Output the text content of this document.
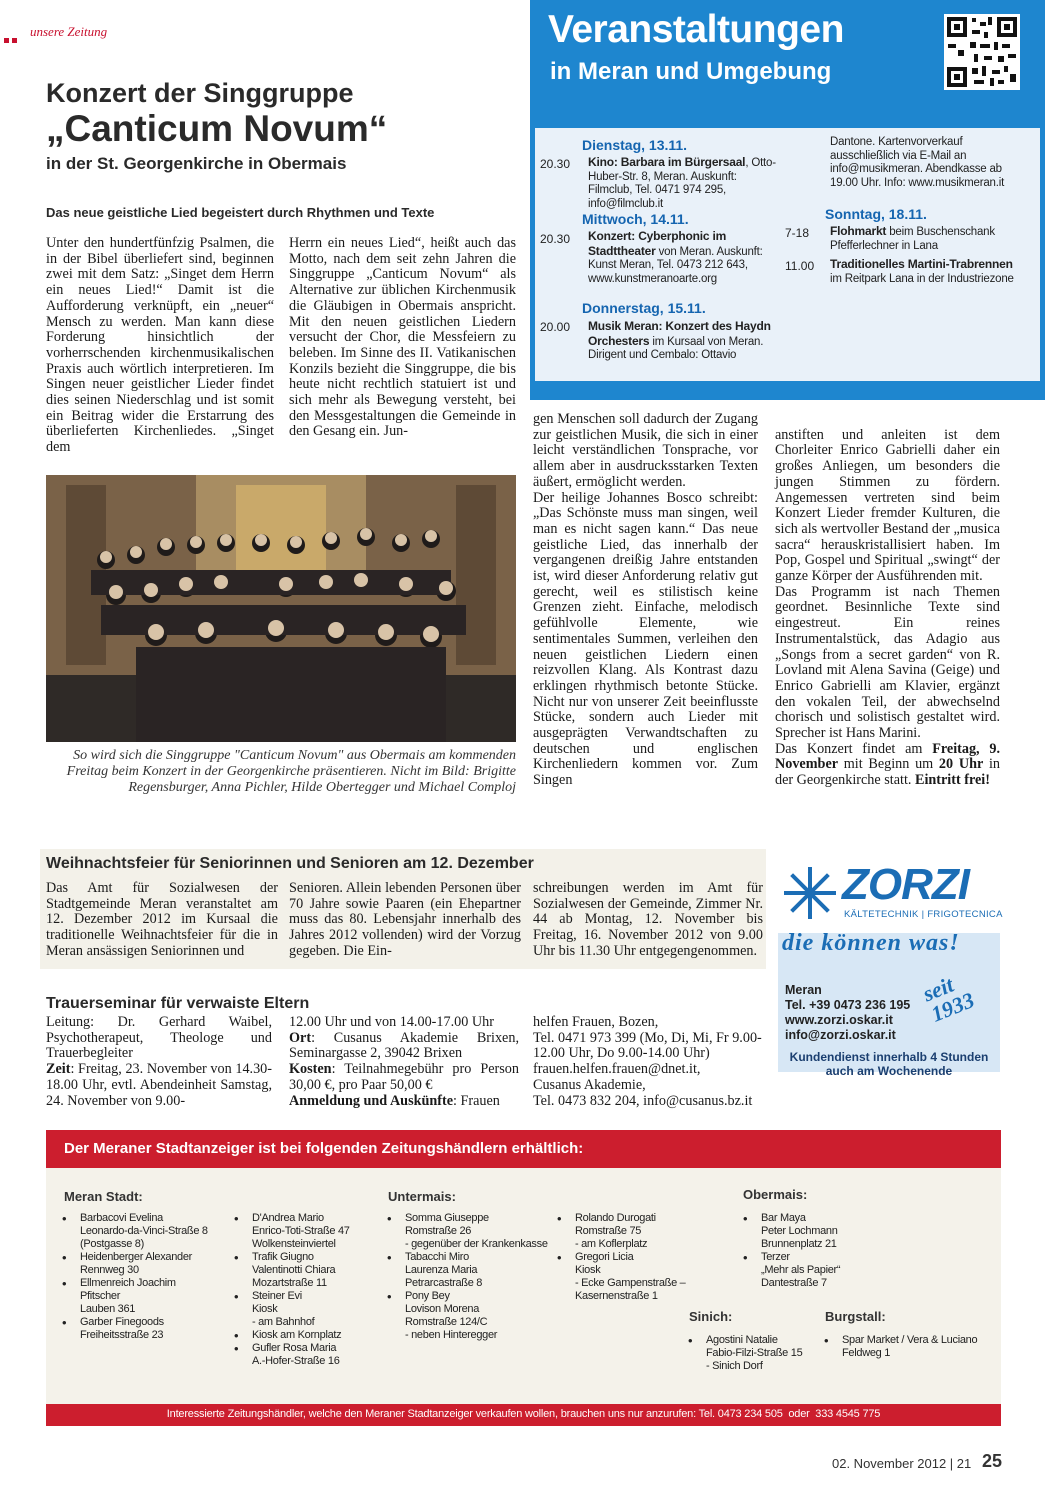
unsere Zeitung	Veranstaltungen
in Meran und Umgebung
Dienstag, 13.11.
20.30 Kino: Barbara im Bürgersaal, Otto-Huber-Str. 8, Meran. Auskunft: Filmclub, Tel. 0471 974 295, info@filmclub.it
Mittwoch, 14.11.
20.30 Konzert: Cyberphonic im Stadttheater von Meran. Auskunft: Kunst Meran, Tel. 0473 212 643, www.kunstmeranoarte.org
Donnerstag, 15.11.
20.00 Musik Meran: Konzert des Haydn Orchesters im Kursaal von Meran. Dirigent und Cembalo: Ottavio
Dantone. Kartenvorverkauf ausschließlich via E-Mail an info@musikmeran. Abendkasse ab 19.00 Uhr. Info: www.musikmeran.it
Sonntag, 18.11.
7-18 Flohmarkt beim Buschenschank Pfefferlechner in Lana
11.00 Traditionelles Martini-Trabrennen im Reitpark Lana in der Industriezone
Konzert der Singgruppe
„Canticum Novum“
in der St. Georgenkirche in Obermais
Das neue geistliche Lied begeistert durch Rhythmen und Texte
Unter den hundertfünfzig Psalmen, die in der Bibel überliefert sind, beginnen zwei mit dem Satz: „Singet dem Herrn ein neues Lied!“ Damit ist die Aufforderung verknüpft, ein „neuer“ Mensch zu werden. Man kann diese Forderung hinsichtlich der vorherrschenden kirchenmusikalischen Praxis auch wörtlich interpretieren. Im Singen neuer geistlicher Lieder findet dies seinen Niederschlag und ist somit ein Beitrag wider die Erstarrung des überlieferten Kirchenliedes. „Singet dem
Herrn ein neues Lied“, heißt auch das Motto, nach dem seit zehn Jahren die Singgruppe „Canticum Novum“ als Alternative zur üblichen Kirchenmusik die Gläubigen in Obermais anspricht. Mit den neuen geistlichen Liedern versucht der Chor, die Messfeiern zu beleben. Im Sinne des II. Vatikanischen Konzils bezieht die Singgruppe, die bis heute nicht rechtlich statuiert ist und sich mehr als Bewegung versteht, bei den Messgestaltungen die Gemeinde in den Gesang ein. Jun-
So wird sich die Singgruppe "Canticum Novum" aus Obermais am kommenden Freitag beim Konzert in der Georgenkirche präsentieren. Nicht im Bild: Brigitte Regensburger, Anna Pichler, Hilde Obertegger und Michael Comploj
gen Menschen soll dadurch der Zugang zur geistlichen Musik, die sich in einer leicht verständlichen Tonsprache, vor allem aber in ausdrucksstarken Texten äußert, ermöglicht werden.
Der heilige Johannes Bosco schreibt: „Das Schönste muss man singen, weil man es nicht sagen kann.“ Das neue geistliche Lied, das innerhalb der vergangenen dreißig Jahre entstanden ist, wird dieser Anforderung relativ gut gerecht, weil es stilistisch keine Grenzen zieht. Einfache, melodisch gefühlvolle Elemente, wie sentimentales Summen, verleihen den neuen geistlichen Liedern einen reizvollen Klang. Als Kontrast dazu erklingen rhythmisch betonte Stücke. Nicht nur von unserer Zeit beeinflusste Stücke, sondern auch Lieder mit ausgeprägten Verwandtschaften zu deutschen und englischen Kirchenliedern kommen vor. Zum Singen

anstiften und anleiten ist dem Chorleiter Enrico Gabrielli daher ein großes Anliegen, um besonders die jungen Stimmen zu fördern. Angemessen vertreten sind beim Konzert Lieder fremder Kulturen, die sich als wertvoller Bestand der „musica sacra“ herauskristallisiert haben. Im Pop, Gospel und Spiritual „swingt“ der ganze Körper der Ausführenden mit.
Das Programm ist nach Themen geordnet. Besinnliche Texte sind eingestreut. Ein reines Instrumentalstück, das Adagio aus „Songs from a secret garden“ von R. Lovland mit Alena Savina (Geige) und Enrico Gabrielli am Klavier, ergänzt den vokalen Teil, der abwechselnd chorisch und solistisch gestaltet wird. Sprecher ist Hans Marini.
Das Konzert findet am Freitag, 9. November mit Beginn um 20 Uhr in der Georgenkirche statt. Eintritt frei!

Weihnachtsfeier für Seniorinnen und Senioren am 12. Dezember
Das Amt für Sozialwesen der Stadtgemeinde Meran veranstaltet am 12. Dezember 2012 im Kursaal die traditionelle Weihnachtsfeier für die in Meran ansässigen Seniorinnen und
Senioren. Allein lebenden Personen über 70 Jahre sowie Paaren (ein Ehepartner muss das 80. Lebensjahr innerhalb des Jahres 2012 vollenden) wird der Vorzug gegeben. Die Ein-
schreibungen werden im Amt für Sozialwesen der Gemeinde, Zimmer Nr. 44 ab Montag, 12. November bis Freitag, 16. November 2012 von 9.00 Uhr bis 11.30 Uhr entgegengenommen.
Trauerseminar für verwaiste Eltern
Leitung: Dr. Gerhard Waibel, Psychotherapeut, Theologe und Trauerbegleiter
Zeit: Freitag, 23. November von 14.30-18.00 Uhr, evtl. Abendeinheit Samstag, 24. November von 9.00-
12.00 Uhr und von 14.00-17.00 Uhr
Ort: Cusanus Akademie Brixen, Seminargasse 2, 39042 Brixen
Kosten: Teilnahmegebühr pro Person 30,00 €, pro Paar 50,00 €
Anmeldung und Auskünfte: Frauen
helfen Frauen, Bozen,
Tel. 0471 973 399 (Mo, Di, Mi, Fr 9.00-12.00 Uhr, Do 9.00-14.00 Uhr) frauen.helfen.frauen@dnet.it,
Cusanus Akademie,
Tel. 0473 832 204, info@cusanus.bz.it
ZORZI
KÄLTETECHNIK | FRIGOTECNICA
die können was!
Meran
Tel. +39 0473 236 195
www.zorzi.oskar.it
info@zorzi.oskar.it
seit 1933
Kundendienst innerhalb 4 Stunden auch am Wochenende
Der Meraner Stadtanzeiger ist bei folgenden Zeitungshändlern erhältlich:
Meran Stadt:
• Barbacovi Evelina
Leonardo-da-Vinci-Straße 8
(Postgasse 8)
• Heidenberger Alexander
Rennweg 30
• Ellmenreich Joachim
Pfitscher
Lauben 361
• Garber Finegoods
Freiheitsstraße 23
• D'Andrea Mario
Enrico-Toti-Straße 47
Wolkensteinviertel
• Trafik Giugno
Valentinotti Chiara
Mozartstraße 11
• Steiner Evi
Kiosk
- am Bahnhof
• Kiosk am Kornplatz
• Gufler Rosa Maria
A.-Hofer-Straße 16
Untermais:
• Somma Giuseppe
Romstraße 26
- gegenüber der Krankenkasse
• Tabacchi Miro
Laurenza Maria
Petrarcastraße 8
• Pony Bey
Lovison Morena
Romstraße 124/C
- neben Hinteregger
• Rolando Durogati
Romstraße 75
- am Koflerplatz
• Gregori Licia
Kiosk
- Ecke Gampenstraße –
Kasernenstraße 1
Obermais:
• Bar Maya
Peter Lochmann
Brunnenplatz 21
• Terzer
„Mehr als Papier“
Dantestraße 7
Sinich:
• Agostini Natalie
Fabio-Filzi-Straße 15
- Sinich Dorf
Burgstall:
• Spar Market / Vera & Luciano
Feldweg 1
Interessierte Zeitungshändler, welche den Meraner Stadtanzeiger verkaufen wollen, brauchen uns nur anzurufen: Tel. 0473 234 505  oder  333 4545 775
02. November 2012 | 21 25
